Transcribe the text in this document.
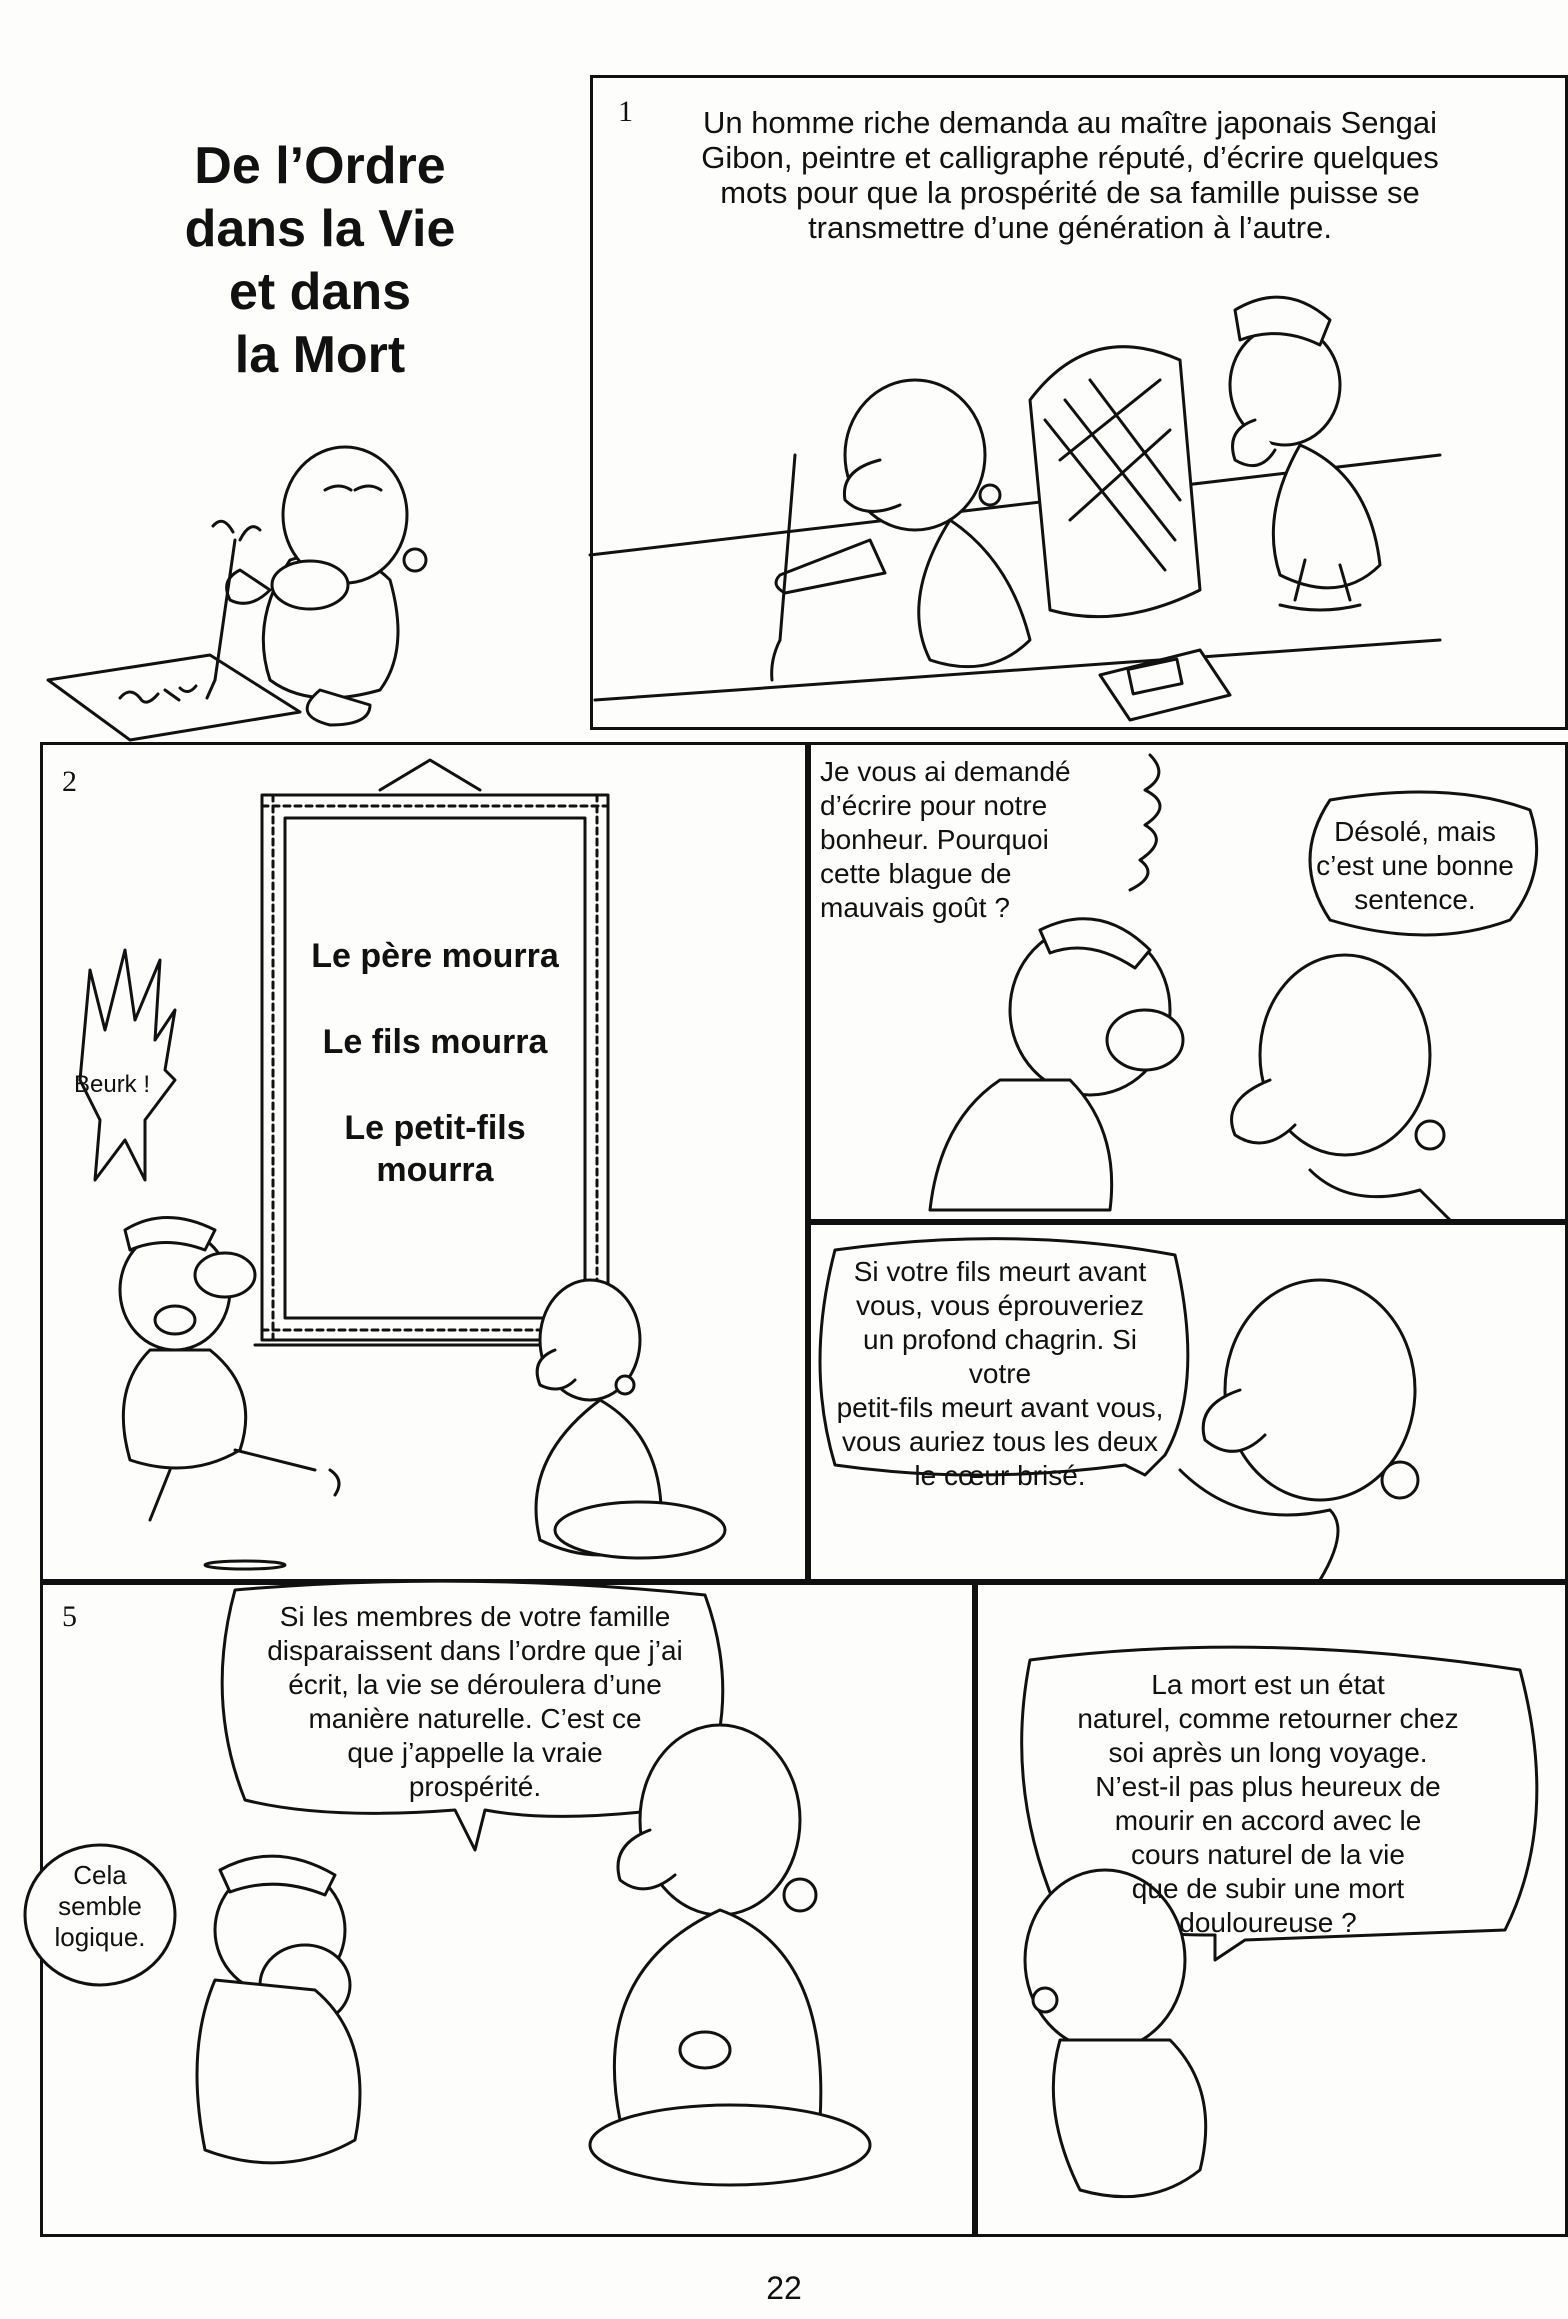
De l’Ordre
dans la Vie
et dans
la Mort
1	Un homme riche demanda au maître japonais Sengai
Gibon, peintre et calligraphe réputé, d’écrire quelques
mots pour que la prospérité de sa famille puisse se
transmettre d’une génération à l’autre.
2
Le père mourra
Le fils mourra
Le petit-fils
mourra
Beurk !
Je vous ai demandé
d’écrire pour notre
bonheur. Pourquoi
cette blague de
mauvais goût ?
Désolé, mais
c’est une bonne
sentence.
Si votre fils meurt avant
vous, vous éprouveriez
un profond chagrin. Si votre
petit-fils meurt avant vous,
vous auriez tous les deux
le cœur brisé.
5	Si les membres de votre famille
disparaissent dans l’ordre que j’ai
écrit, la vie se déroulera d’une
manière naturelle. C’est ce
que j’appelle la vraie
prospérité.
Cela
semble
logique.
La mort est un état
naturel, comme retourner chez
soi après un long voyage.
N’est-il pas plus heureux de
mourir en accord avec le
cours naturel de la vie
que de subir une mort
douloureuse ?
22
